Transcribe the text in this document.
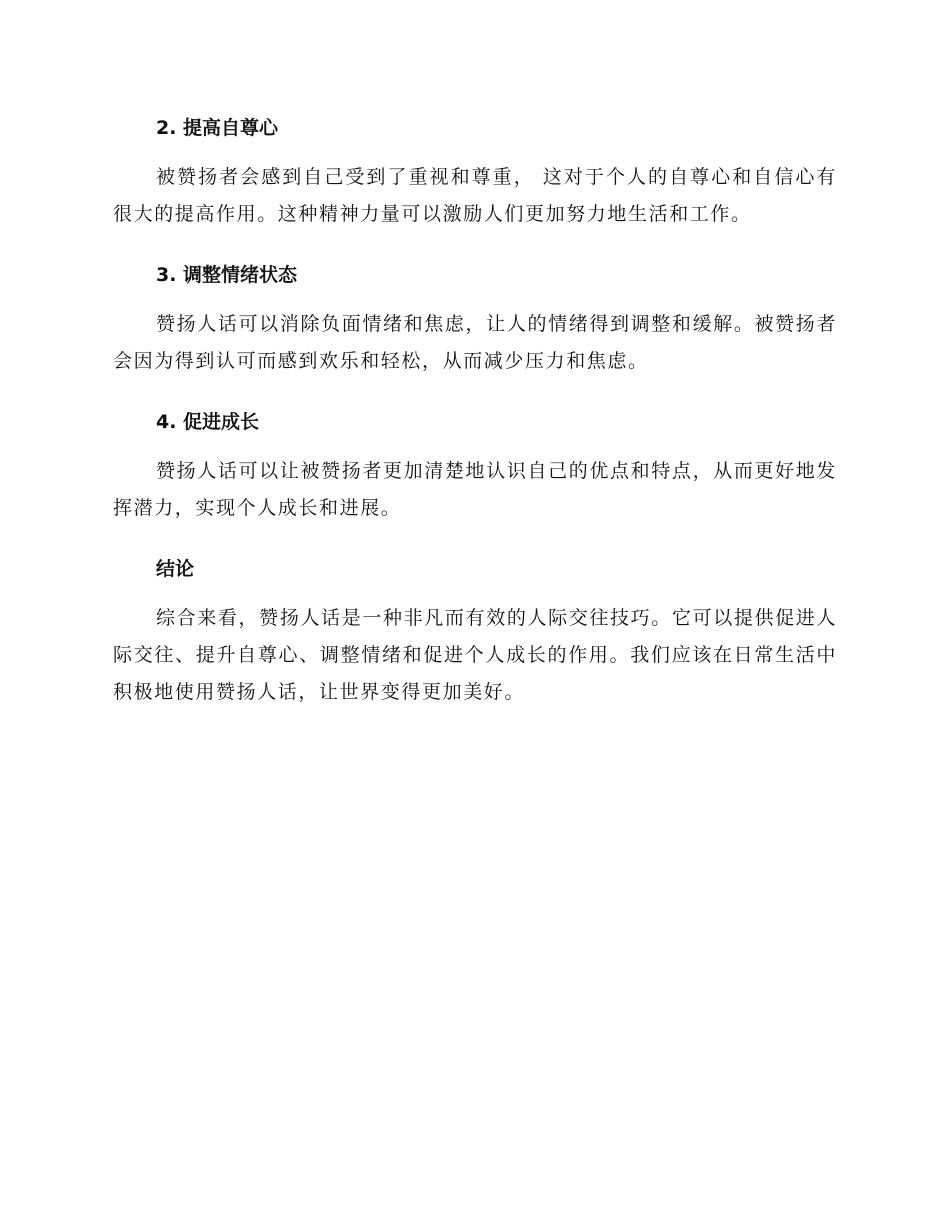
2. 提高自尊心

被赞扬者会感到自己受到了重视和尊重， 这对于个人的自尊心和自信心有很大的提高作用。这种精神力量可以激励人们更加努力地生活和工作。

3. 调整情绪状态

赞扬人话可以消除负面情绪和焦虑，让人的情绪得到调整和缓解。被赞扬者会因为得到认可而感到欢乐和轻松，从而减少压力和焦虑。

4. 促进成长

赞扬人话可以让被赞扬者更加清楚地认识自己的优点和特点，从而更好地发挥潜力，实现个人成长和进展。

结论

综合来看，赞扬人话是一种非凡而有效的人际交往技巧。它可以提供促进人际交往、提升自尊心、调整情绪和促进个人成长的作用。我们应该在日常生活中积极地使用赞扬人话，让世界变得更加美好。
